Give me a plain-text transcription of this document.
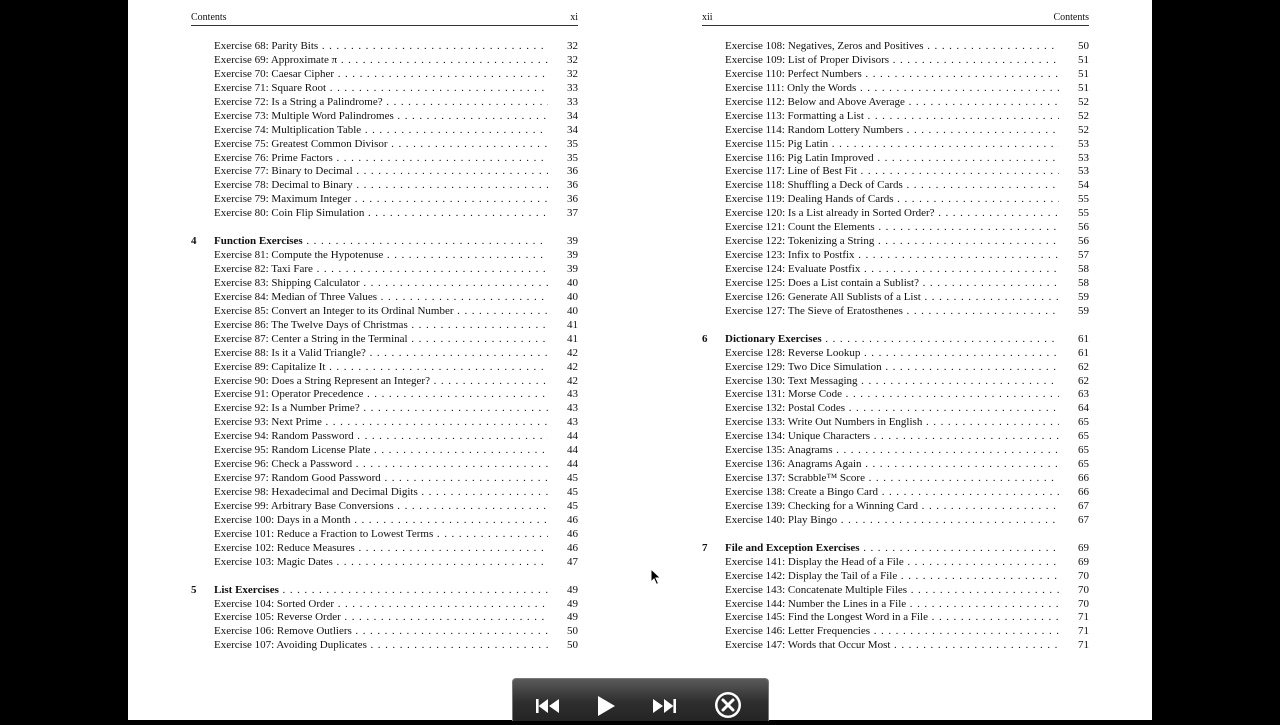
Contents	xi
Exercise 68: Parity Bits . . .	32
Exercise 69: Approximate π . . .	32
Exercise 70: Caesar Cipher . . .	32
Exercise 71: Square Root . . .	33
Exercise 72: Is a String a Palindrome? . . .	33
Exercise 73: Multiple Word Palindromes . . .	34
Exercise 74: Multiplication Table . . .	34
Exercise 75: Greatest Common Divisor . . .	35
Exercise 76: Prime Factors . . .	35
Exercise 77: Binary to Decimal . . .	36
Exercise 78: Decimal to Binary . . .	36
Exercise 79: Maximum Integer . . .	36
Exercise 80: Coin Flip Simulation . . .	37
4 Function Exercises . . .	39
Exercise 81: Compute the Hypotenuse . . .	39
Exercise 82: Taxi Fare . . .	39
Exercise 83: Shipping Calculator . . .	40
Exercise 84: Median of Three Values . . .	40
Exercise 85: Convert an Integer to its Ordinal Number . . .	40
Exercise 86: The Twelve Days of Christmas . . .	41
Exercise 87: Center a String in the Terminal . . .	41
Exercise 88: Is it a Valid Triangle? . . .	42
Exercise 89: Capitalize It . . .	42
Exercise 90: Does a String Represent an Integer? . . .	42
Exercise 91: Operator Precedence . . .	43
Exercise 92: Is a Number Prime? . . .	43
Exercise 93: Next Prime . . .	43
Exercise 94: Random Password . . .	44
Exercise 95: Random License Plate . . .	44
Exercise 96: Check a Password . . .	44
Exercise 97: Random Good Password . . .	45
Exercise 98: Hexadecimal and Decimal Digits . . .	45
Exercise 99: Arbitrary Base Conversions . . .	45
Exercise 100: Days in a Month . . .	46
Exercise 101: Reduce a Fraction to Lowest Terms . . .	46
Exercise 102: Reduce Measures . . .	46
Exercise 103: Magic Dates . . .	47
5 List Exercises . . .	49
Exercise 104: Sorted Order . . .	49
Exercise 105: Reverse Order . . .	49
Exercise 106: Remove Outliers . . .	50
Exercise 107: Avoiding Duplicates . . .	50
xii	Contents
Exercise 108: Negatives, Zeros and Positives . . .	50
Exercise 109: List of Proper Divisors . . .	51
Exercise 110: Perfect Numbers . . .	51
Exercise 111: Only the Words . . .	51
Exercise 112: Below and Above Average . . .	52
Exercise 113: Formatting a List . . .	52
Exercise 114: Random Lottery Numbers . . .	52
Exercise 115: Pig Latin . . .	53
Exercise 116: Pig Latin Improved . . .	53
Exercise 117: Line of Best Fit . . .	53
Exercise 118: Shuffling a Deck of Cards . . .	54
Exercise 119: Dealing Hands of Cards . . .	55
Exercise 120: Is a List already in Sorted Order? . . .	55
Exercise 121: Count the Elements . . .	56
Exercise 122: Tokenizing a String . . .	56
Exercise 123: Infix to Postfix . . .	57
Exercise 124: Evaluate Postfix . . .	58
Exercise 125: Does a List contain a Sublist? . . .	58
Exercise 126: Generate All Sublists of a List . . .	59
Exercise 127: The Sieve of Eratosthenes . . .	59
6 Dictionary Exercises . . .	61
Exercise 128: Reverse Lookup . . .	61
Exercise 129: Two Dice Simulation . . .	62
Exercise 130: Text Messaging . . .	62
Exercise 131: Morse Code . . .	63
Exercise 132: Postal Codes . . .	64
Exercise 133: Write Out Numbers in English . . .	65
Exercise 134: Unique Characters . . .	65
Exercise 135: Anagrams . . .	65
Exercise 136: Anagrams Again . . .	65
Exercise 137: Scrabble™ Score . . .	66
Exercise 138: Create a Bingo Card . . .	66
Exercise 139: Checking for a Winning Card . . .	67
Exercise 140: Play Bingo . . .	67
7 File and Exception Exercises . . .	69
Exercise 141: Display the Head of a File . . .	69
Exercise 142: Display the Tail of a File . . .	70
Exercise 143: Concatenate Multiple Files . . .	70
Exercise 144: Number the Lines in a File . . .	70
Exercise 145: Find the Longest Word in a File . . .	71
Exercise 146: Letter Frequencies . . .	71
Exercise 147: Words that Occur Most . . .	71
